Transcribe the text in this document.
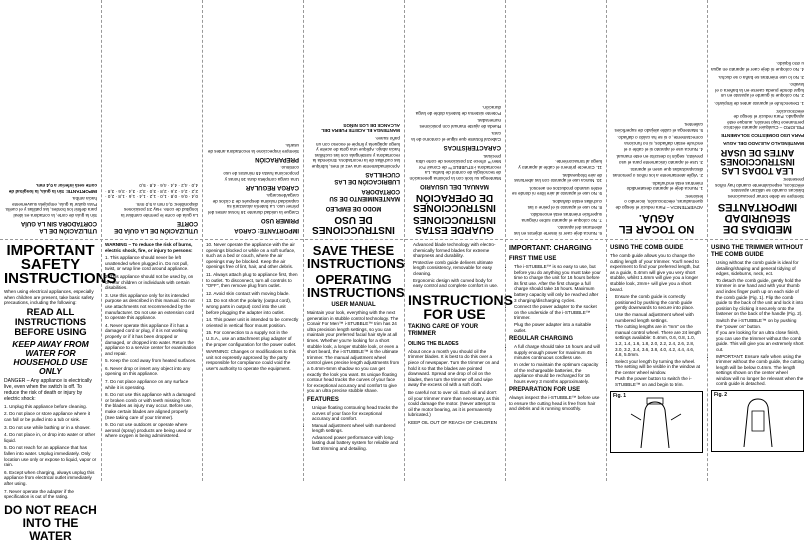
MEDIDAS DE SEGURIDAD IMPORTANTES
Siempre se debe tomar precauciones básicas cuando se utilizan aparatos eléctricos, especialmente cuando hay niños presentes:
LEA TODAS LAS INSTRUCCIONES ANTES DE USAR
MANTÉNGALO ALEJADO DEL AGUA
PARA USO DOMÉSTICO SOLAMENTE
PELIGRO – Cualquier aparato eléctrico permanece bajo tensión, aunque esté apagado. Para reducir el riesgo de electrocución:
1. Desenchufe el aparato antes de limpiarlo.
2. No coloque ni guarde el aparato en un lugar donde pueda caerse en la bañera o el lavabo.
3. No lo use mientras se baña o se ducha.
4. No coloque ni deje caer el aparato en agua u otro líquido.
NO TOCAR EL AGUA.
ADVERTENCIA – Para reducir el riesgo de quemaduras, electrocución, incendio o lesiones:
1. Nunca deje el aparato desatendido mientras está enchufado.
2. Vigile atentamente a los niños o personas discapacitadas que usen el aparato.
3. Use el aparato únicamente para el uso previsto, según lo descrito en este manual.
4. Nunca use el aparato si el cable o el enchufe están dañados, si no funciona correctamente, o si se ha caído o dañado.
5. Mantenga el cable alejado de superficies calientes.
6. Nunca deje caer ni inserte objetos en las aberturas del aparato.
7. No coloque el aparato sobre ninguna superficie mientras está encendido.
8. No use el aparato si el peine o las cuchillas están dañados.
9. No use el aparato al aire libre ni donde se estén usando productos en aerosol.
10. Nunca use el aparato con las aberturas de aire bloqueadas.
11. Conecte primero el cable al aparato y luego al tomacorriente.
GUARDE ESTAS INSTRUCCIONES
INSTRUCCIONES DE OPERACIÓN
MANUAL DEL USUARIO
Mantenga su look con la próxima generación de tecnología de control de barba. La recortadora i-STUBBLE™ de Conair For Men™ ofrece 24 posiciones de corte ultra precisas.
CARACTERÍSTICAS
Cabezal flotante que sigue el contorno de la cara.
Rueda de ajuste manual con posiciones numeradas.
Potente sistema de batería doble de larga duración.
INSTRUCCIONES DE USO
MODO DE EMPLEO
MANTENIMIENTO DE SU CORTADORA
LUBRICACIÓN DE LAS CUCHILLAS
Aproximadamente una vez al mes, lubrique las cuchillas de la recortadora. Encienda la recortadora y sosténgala con las cuchillas hacia abajo. Aplique una gota de aceite y luego apáguela y limpie el exceso con un paño suave.
MANTENGA EL ACEITE FUERA DEL ALCANCE DE LOS NIÑOS
IMPORTANTE: CARGA
PRIMER USO
Cargue la unidad durante 16 horas antes del primer uso. La batería alcanzará su capacidad máxima después de 3 ciclos de carga/descarga.
CARGA REGULAR
Una carga completa dura 16 horas y proporciona hasta 45 minutos de uso continuo.
PREPARACIÓN
Siempre inspeccione la recortadora antes de usarla.
UTILIZACIÓN DE LA GUÍA DE CORTE
La guía de corte le permite cambiar la longitud de corte. Hay 24 posiciones disponibles: 0,4 mm a 5,0 mm.
0,4 · 0,6 · 0,8 · 1,0 · 1,2 · 1,4 · 1,6 · 1,8 · 2,0 · 2,2 · 2,4 · 2,6 · 2,8 · 3,0 · 3,2 · 3,4 · 3,6 · 3,8 · 4,0 · 4,2 · 4,4 · 4,6 · 4,8 · 5,0
UTILIZACIÓN DE LA CORTADORA SIN LA GUÍA
Sin la guía de corte, la cortadora es ideal para definir los bordes, las patillas y el cuello. Para quitar la guía, empújela suavemente hacia arriba.
IMPORTANTE: Sin la guía, la longitud de corte será inferior a 0,4 mm.
IMPORTANT SAFETY INSTRUCTIONS
When using electrical appliances, especially when children are present, take basic safety precautions, including the following:
READ ALL INSTRUCTIONS BEFORE USING
KEEP AWAY FROM WATER FOR HOUSEHOLD USE ONLY
DANGER – Any appliance is electrically live, even when the switch is off. To reduce the risk of death or injury by electric shock:
1. Unplug this appliance before cleaning.
2. Do not place or store appliance where it can fall or be pulled into a tub or sink.
3. Do not use while bathing or in a shower.
4. Do not place in, or drop into water or other liquid.
5. Do not reach for an appliance that has fallen into water. Unplug immediately. Only location use only or expose to liquid, vapor or rain.
6. Except when charging, always unplug this appliance from electrical outlet immediately after using.
7. Never operate the adapter if the specification is out of the rating.
DO NOT REACH INTO THE WATER
WARNING – To reduce the risk of burns, electric shock, fire, or injury to persons:
1. This appliance should never be left unattended when plugged in. Do not pull, twist, or wrap line cord around appliance.
2. This appliance should not be used by, on or near children or individuals with certain disabilities.
3. Use this appliance only for its intended purpose as described in this manual. Do not use attachments not recommended by the manufacturer. Do not use an extension cord to operate this appliance.
4. Never operate this appliance if it has a damaged cord or plug, if it is not working properly or if it has been dropped or damaged, or dropped into water. Return the appliance to a service center for examination and repair.
5. Keep the cord away from heated surfaces.
6. Never drop or insert any object into any opening on this appliance.
7. Do not place appliance on any surface while it is operating.
8. Do not use this appliance with a damaged or broken comb or with teeth missing from the blades as injury may occur. Before use, make certain blades are aligned properly (See taking care of your trimmer).
9. Do not use outdoors or operate where aerosol (spray) products are being used or where oxygen is being administered.
10. Never operate the appliance with the air openings blocked or while on a soft surface, such as a bed or couch, where the air openings may be blocked. Keep the air openings free of lint, hair, and other debris.
11. Always attach plug to appliance first, then to outlet. To disconnect, turn all controls to "OFF", then remove plug from outlet.
12. Avoid skin contact with moving blade.
13. Do not short the polarity (output cord), wrong parts in output) cord into the unit before plugging the adapter into outlet.
14. This power unit is intended to be correctly oriented in vertical floor mount position.
15. For connection to a supply not in the U.S.A., use an attachment plug adapter of the proper configuration for the power outlet.
WARNING: Changes or modifications to this unit not expressly approved by the party responsible for compliance could void the user's authority to operate the equipment.
SAVE THESE INSTRUCTIONS
OPERATING INSTRUCTIONS
USER MANUAL
Maintain your look, everything with the next generation in stubble control technology. The Conair For Men™ i-STUBBLE™ trim has 24 ultra precision length settings, so you can maintain your preferred facial hair style at all times. Whether you're looking for a short stubble look, a longer stubble look, or even a short beard, the i-STUBBLE™ is the ultimate trimmer. The manual adjustment wheel control gives precise length adjustments from a 0.4mm-5mm shadow so you can get exactly the look you want. Its unique floating contour head tracks the curves of your face for exceptional accuracy and comfort to give you an ultra precise stubble shave.
FEATURES
• Unique floating contouring head tracks the curves of your face for exceptional accuracy and comfort.
• Manual adjustment wheel with numbered length settings.
• Advanced power performance with long-lasting dual battery system for reliable and fast trimming and detailing.
• Advanced blade technology with electro-chemically formed blades for extreme sharpness and durability.
• Protective comb guide delivers ultimate length consistency, removable for easy cleaning.
• Ergonomic design with curved body for easy control and complete comfort in use.
INSTRUCTIONS FOR USE
TAKING CARE OF YOUR TRIMMER
OILING THE BLADES
About once a month you should oil the trimmer blades. It is best to do this over a piece of newspaper. Turn the trimmer on and hold it so that the blades are pointed downward. Spread one drop of oil on the blades, then turn the trimmer off and wipe away the excess oil with a soft cloth.
Be careful not to over oil. Each oil and don't oil your trimmer more than necessary, as this could damage the motor. (Never attempt to oil the motor bearing, as it is permanently lubricated.)
KEEP OIL OUT OF REACH OF CHILDREN
IMPORTANT: CHARGING
FIRST TIME USE
• The i-STUBBLE™ is so easy to use, but before you do anything you must take your time to charge the unit for 16 hours before its first use. After the first charge a full charge should take 16 hours. Maximum battery capacity will only be reached after 3 charging/discharging cycles.
• Connect the power adapter to the socket on the underside of the i-STUBBLE™ trimmer.
• Plug the power adapter into a suitable outlet.
REGULAR CHARGING
• A full charge should take 16 hours and will supply enough power for maximum 45 minutes continuous cordless use.
• In order to maintain the optimum capacity of the rechargeable batteries, the appliance should be recharged for 16 hours every 3 months approximately.
PREPARATION FOR USE
Always inspect the i-STUBBLE™ before use to ensure the cutting head is free from hair and debris and is running smoothly.
USING THE COMB GUIDE
The comb guide allows you to change the cutting length of your trimmer. You'll need to experiment to find your preferred length, but as a guide, 0.4mm will give you very short stubble, whilst 1.6mm will give you a longer stubble look, 2mm+ will give you a short beard.
• Ensure the comb guide is correctly positioned by pushing the comb guide gently downwards to secure into place.
• Use the manual adjustment wheel with numbered length settings.
• The cutting lengths are in "mm" on the manual control wheel. There are 24 length settings available: 0.4mm, 0.6, 0.8, 1.0, 1.2, 1.4, 1.6, 1.8, 2.0, 2.2, 2.4, 2.6, 2.8, 3.0, 3.2, 3.4, 3.6, 3.8, 4.0, 4.2, 4.4, 4.6, 4.8, 5.0mm.
• Select your length by turning the wheel. The setting will be visible in the window at the center wheel window.
• Push the power button to switch the i-STUBBLE™ on and begin to trim.
Fig. 1
USING THE TRIMMER WITHOUT THE COMB GUIDE
• Using without the comb guide is ideal for detailing/shaping and general tidying of edges, sideburns, neck, ect.
• To detach the comb guide, gently hold the trimmer in one hand and with your thumb and index finger push up on each side of the comb guide (Fig. 1). Flip the comb guide to the back of the unit and lock it into position by clicking it securely onto the fastener on the back of the handle (Fig. 2).
• Switch the i-STUBBLE™ on by pushing the "power on" button.
• If you are looking for an ultra close finish, you can use the trimmer without the comb guide. This will give you an extremely short cut.
• IMPORTANT: Ensure safe when using the trimmer without the comb guide, the cutting length will be below 0.4mm. The length settings shown on the center wheel window will no longer be relevant when the comb guide is detached.
Fig. 2
